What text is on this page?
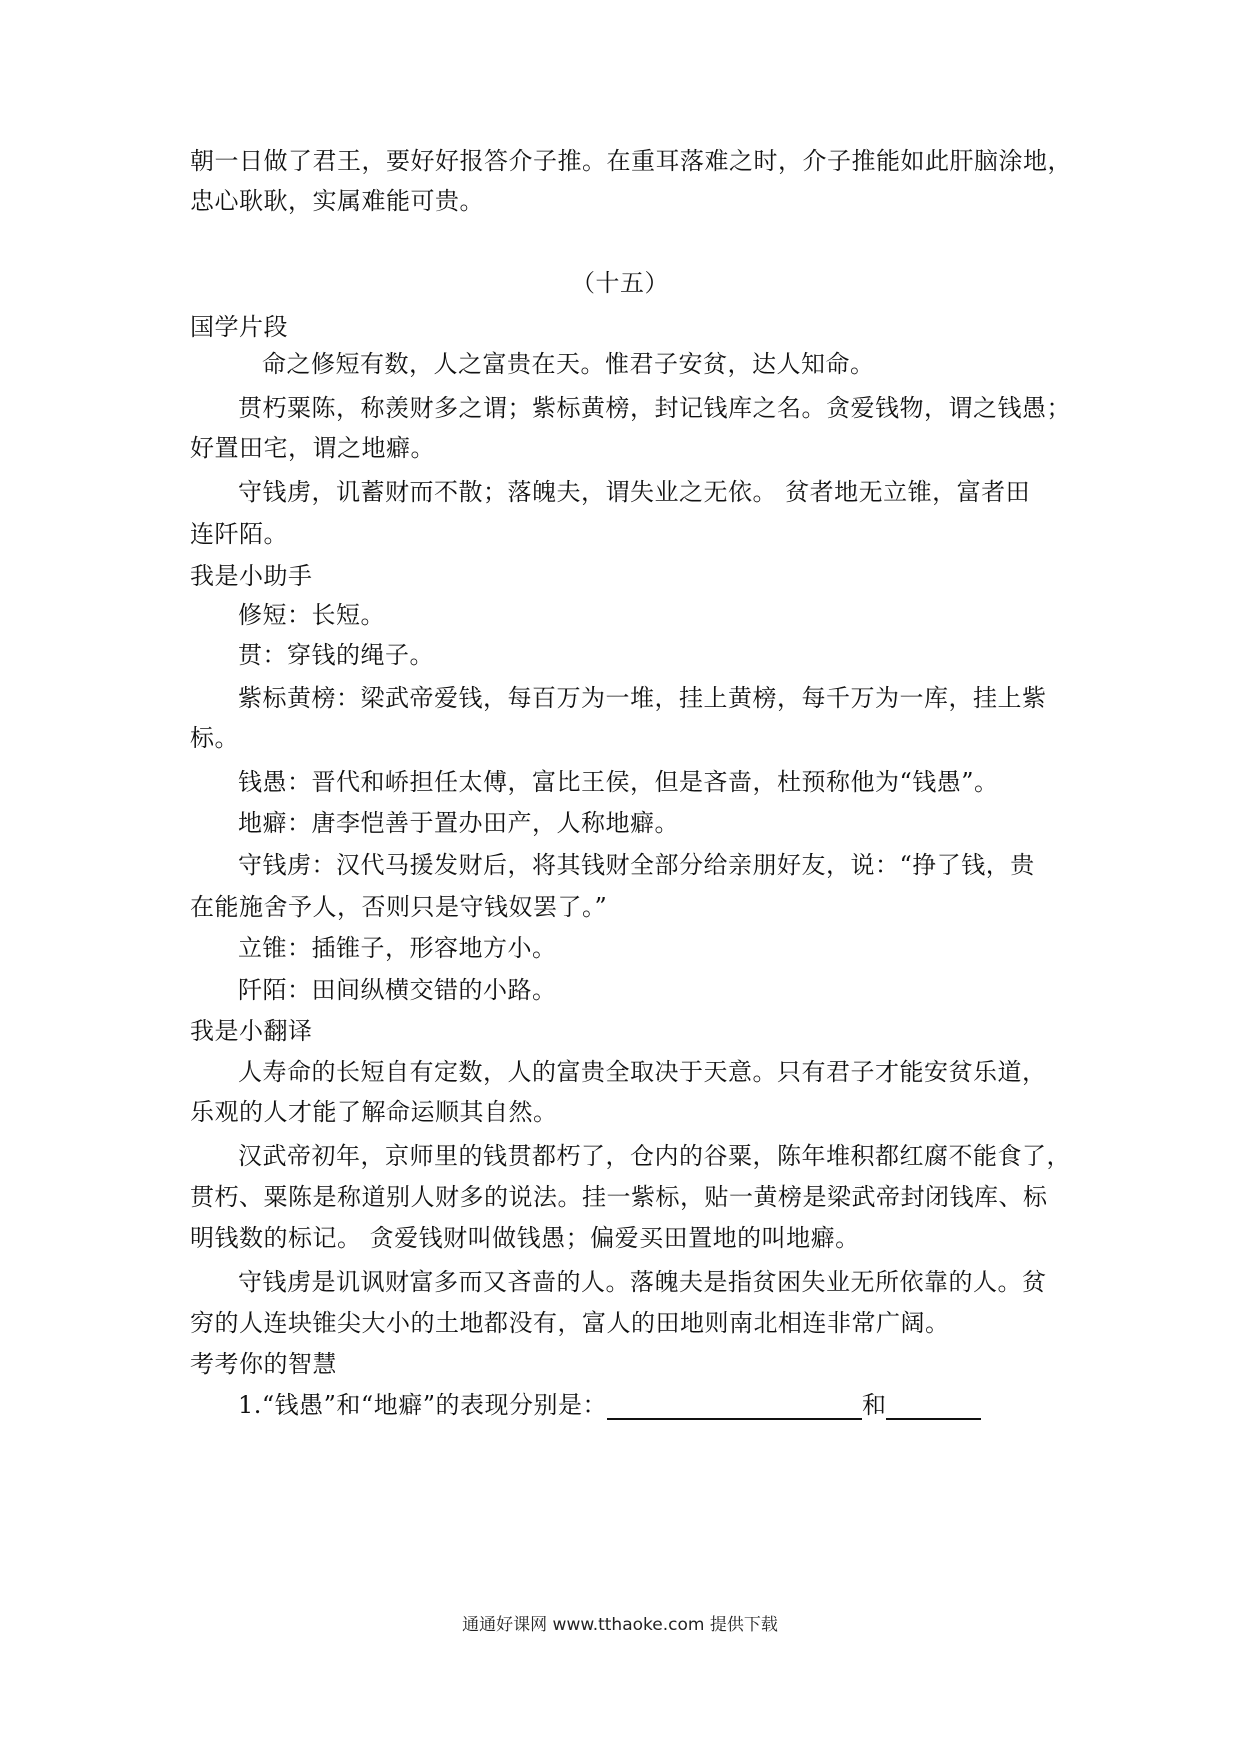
朝一日做了君王，要好好报答介子推。在重耳落难之时，介子推能如此肝脑涂地，
忠心耿耿，实属难能可贵。
（十五）
国学片段
命之修短有数，人之富贵在天。惟君子安贫，达人知命。
贯朽粟陈，称羡财多之谓；紫标黄榜，封记钱库之名。贪爱钱物，谓之钱愚；
好置田宅，谓之地癖。
守钱虏，讥蓄财而不散；落魄夫，谓失业之无依。 贫者地无立锥，富者田
连阡陌。
我是小助手
修短：长短。
贯：穿钱的绳子。
紫标黄榜：梁武帝爱钱，每百万为一堆，挂上黄榜，每千万为一库，挂上紫
标。
钱愚：晋代和峤担任太傅，富比王侯，但是吝啬，杜预称他为“钱愚”。
地癖：唐李恺善于置办田产，人称地癖。
守钱虏：汉代马援发财后，将其钱财全部分给亲朋好友，说：“挣了钱，贵
在能施舍予人，否则只是守钱奴罢了。”
立锥：插锥子，形容地方小。
阡陌：田间纵横交错的小路。
我是小翻译
人寿命的长短自有定数，人的富贵全取决于天意。只有君子才能安贫乐道，
乐观的人才能了解命运顺其自然。
汉武帝初年，京师里的钱贯都朽了，仓内的谷粟，陈年堆积都红腐不能食了，
贯朽、粟陈是称道别人财多的说法。挂一紫标，贴一黄榜是梁武帝封闭钱库、标
明钱数的标记。 贪爱钱财叫做钱愚；偏爱买田置地的叫地癖。
守钱虏是讥讽财富多而又吝啬的人。落魄夫是指贫困失业无所依靠的人。贫
穷的人连块锥尖大小的土地都没有，富人的田地则南北相连非常广阔。
考考你的智慧
1.“钱愚”和“地癖”的表现分别是：	和
通通好课网 www.tthaoke.com 提供下载
